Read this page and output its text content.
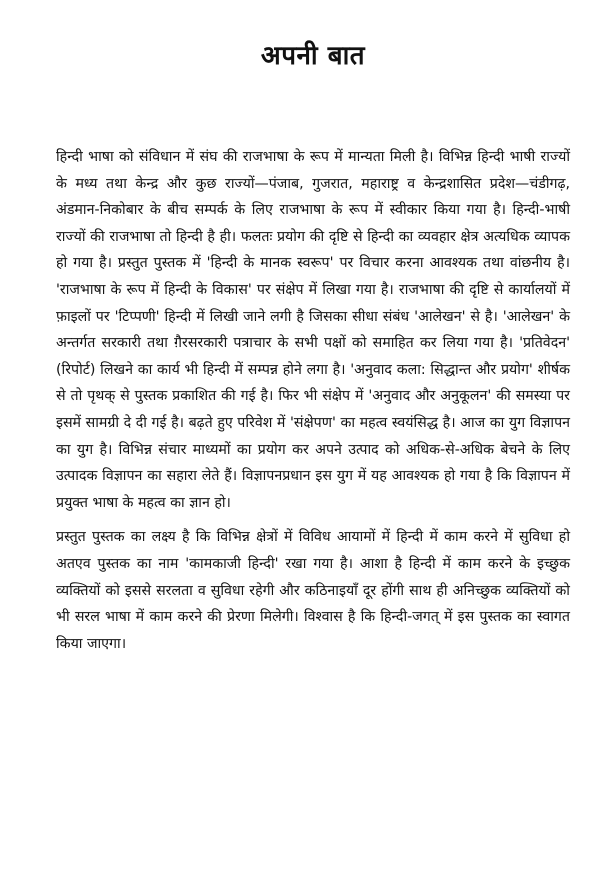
अपनी बात

हिन्दी भाषा को संविधान में संघ की राजभाषा के रूप में मान्यता मिली है। विभिन्न हिन्दी भाषी राज्यों के मध्य तथा केन्द्र और कुछ राज्यों—पंजाब, गुजरात, महाराष्ट्र व केन्द्रशासित प्रदेश—चंडीगढ़, अंडमान-निकोबार के बीच सम्पर्क के लिए राजभाषा के रूप में स्वीकार किया गया है। हिन्दी-भाषी राज्यों की राजभाषा तो हिन्दी है ही। फलतः प्रयोग की दृष्टि से हिन्दी का व्यवहार क्षेत्र अत्यधिक व्यापक हो गया है। प्रस्तुत पुस्तक में 'हिन्दी के मानक स्वरूप' पर विचार करना आवश्यक तथा वांछनीय है। 'राजभाषा के रूप में हिन्दी के विकास' पर संक्षेप में लिखा गया है। राजभाषा की दृष्टि से कार्यालयों में फ़ाइलों पर 'टिप्पणी' हिन्दी में लिखी जाने लगी है जिसका सीधा संबंध 'आलेखन' से है। 'आलेखन' के अन्तर्गत सरकारी तथा ग़ैरसरकारी पत्राचार के सभी पक्षों को समाहित कर लिया गया है। 'प्रतिवेदन' (रिपोर्ट) लिखने का कार्य भी हिन्दी में सम्पन्न होने लगा है। 'अनुवाद कला: सिद्धान्त और प्रयोग' शीर्षक से तो पृथक् से पुस्तक प्रकाशित की गई है। फिर भी संक्षेप में 'अनुवाद और अनुकूलन' की समस्या पर इसमें सामग्री दे दी गई है। बढ़ते हुए परिवेश में 'संक्षेपण' का महत्व स्वयंसिद्ध है। आज का युग विज्ञापन का युग है। विभिन्न संचार माध्यमों का प्रयोग कर अपने उत्पाद को अधिक-से-अधिक बेचने के लिए उत्पादक विज्ञापन का सहारा लेते हैं। विज्ञापनप्रधान इस युग में यह आवश्यक हो गया है कि विज्ञापन में प्रयुक्त भाषा के महत्व का ज्ञान हो।

प्रस्तुत पुस्तक का लक्ष्य है कि विभिन्न क्षेत्रों में विविध आयामों में हिन्दी में काम करने में सुविधा हो अतएव पुस्तक का नाम 'कामकाजी हिन्दी' रखा गया है। आशा है हिन्दी में काम करने के इच्छुक व्यक्तियों को इससे सरलता व सुविधा रहेगी और कठिनाइयाँ दूर होंगी साथ ही अनिच्छुक व्यक्तियों को भी सरल भाषा में काम करने की प्रेरणा मिलेगी। विश्वास है कि हिन्दी-जगत् में इस पुस्तक का स्वागत किया जाएगा।
